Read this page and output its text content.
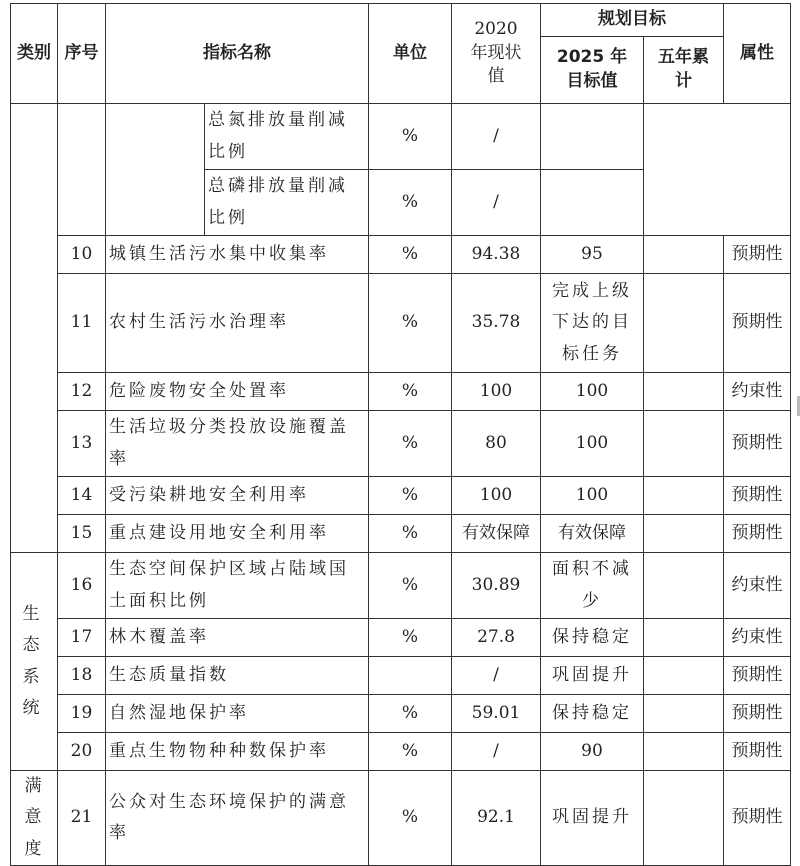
类别	序号	指标名称		单位	2020 年现状值	规划目标		属性
						2025 年目标值	五年累计	
			总氮排放量削减比例	%	/			
			总磷排放量削减比例	%	/			
	10	城镇生活污水集中收集率		%	94.38	95		预期性
	11	农村生活污水治理率		%	35.78	完成上级下达的目标任务		预期性
	12	危险废物安全处置率		%	100	100		约束性
	13	生活垃圾分类投放设施覆盖率		%	80	100		预期性
	14	受污染耕地安全利用率		%	100	100		预期性
	15	重点建设用地安全利用率		%	有效保障	有效保障		预期性
生态系统	16	生态空间保护区域占陆域国土面积比例		%	30.89	面积不减少		约束性
	17	林木覆盖率		%	27.8	保持稳定		约束性
	18	生态质量指数			/	巩固提升		预期性
	19	自然湿地保护率		%	59.01	保持稳定		预期性
	20	重点生物物种种数保护率		%	/	90		预期性
满意度	21	公众对生态环境保护的满意率		%	92.1	巩固提升		预期性
